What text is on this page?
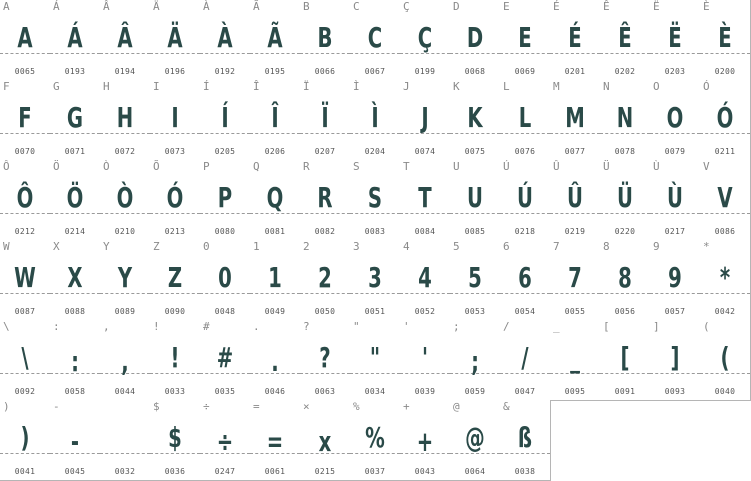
A
A
0065
Á
Á
0193
Â
Â
0194
Ä
Ä
0196
À
À
0192
Ã
Ã
0195
B
B
0066
C
C
0067
Ç
Ç
0199
D
D
0068
E
E
0069
É
É
0201
Ê
Ê
0202
Ë
Ë
0203
È
È
0200
F
F
0070
G
G
0071
H
H
0072
I
I
0073
Í
Í
0205
Î
Î
0206
Ï
Ï
0207
Ì
Ì
0204
J
J
0074
K
K
0075
L
L
0076
M
M
0077
N
N
0078
O
O
0079
Ó
Ó
0211
Ô
Ô
0212
Ö
Ö
0214
Ò
Ò
0210
Õ
Ó
0213
P
P
0080
Q
Q
0081
R
R
0082
S
S
0083
T
T
0084
U
U
0085
Ú
Ú
0218
Û
Û
0219
Ü
Ü
0220
Ù
Ù
0217
V
V
0086
W
W
0087
X
X
0088
Y
Y
0089
Z
Z
0090
0
0
0048
1
1
0049
2
2
0050
3
3
0051
4
4
0052
5
5
0053
6
6
0054
7
7
0055
8
8
0056
9
9
0057
*
*
0042
\
\
0092
:
:
0058
,
,
0044
!
!
0033
#
#
0035
.
.
0046
?
?
0063
"
"
0034
'
'
0039
;
;
0059
/
/
0047
_
_
0095
[
[
0091
]
]
0093
(
(
0040
)
)
0041
-
-
0045	0032
$
$
0036
÷
÷
0247
=
=
0061
×
x
0215
%
%
0037
+
+
0043
@
@
0064
&
ß
0038
